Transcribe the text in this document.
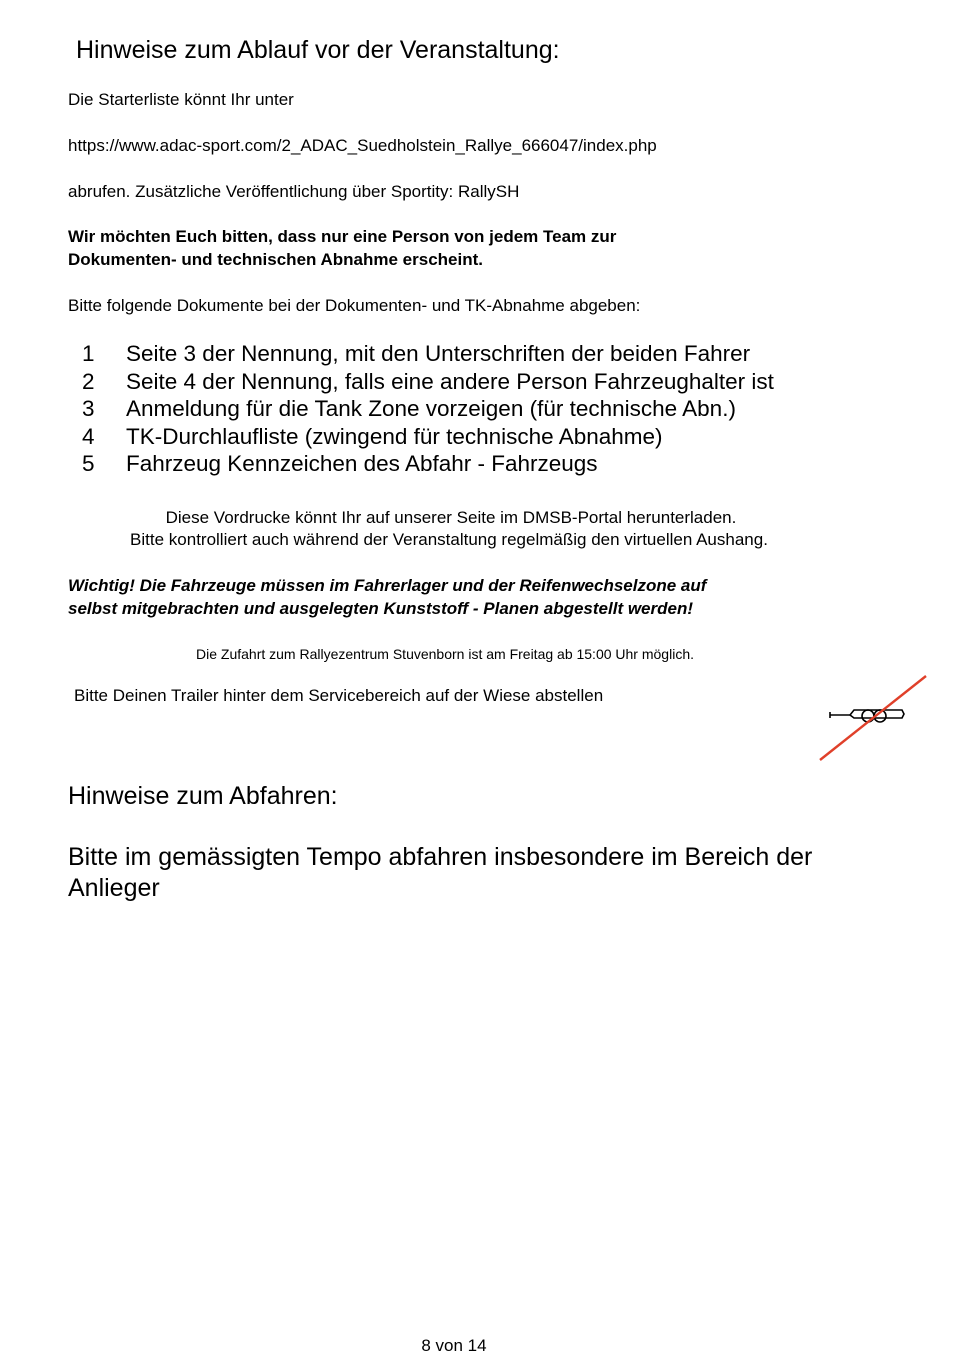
Hinweise zum Ablauf vor der Veranstaltung:
Die Starterliste könnt Ihr unter
https://www.adac-sport.com/2_ADAC_Suedholstein_Rallye_666047/index.php
abrufen. Zusätzliche Veröffentlichung über Sportity: RallySH
Wir möchten Euch bitten, dass nur eine Person von jedem Team zur
Dokumenten- und technischen Abnahme erscheint.
Bitte folgende Dokumente bei der Dokumenten- und TK-Abnahme abgeben:
1	Seite 3 der Nennung, mit den Unterschriften der beiden Fahrer
2	Seite 4 der Nennung, falls eine andere Person Fahrzeughalter ist
3	Anmeldung für die Tank Zone vorzeigen (für technische Abn.)
4	TK-Durchlaufliste (zwingend für technische Abnahme)
5	Fahrzeug Kennzeichen des Abfahr - Fahrzeugs
Diese Vordrucke könnt Ihr auf unserer Seite im DMSB-Portal herunterladen.
Bitte kontrolliert auch während der Veranstaltung regelmäßig den virtuellen Aushang.
Wichtig! Die Fahrzeuge müssen im Fahrerlager und der Reifenwechselzone auf
selbst mitgebrachten und ausgelegten Kunststoff - Planen abgestellt werden!
Die Zufahrt zum Rallyezentrum Stuvenborn ist am Freitag ab 15:00 Uhr möglich.
Bitte Deinen Trailer hinter dem Servicebereich auf der Wiese abstellen
Hinweise zum Abfahren:
Bitte im gemässigten Tempo abfahren insbesondere im Bereich der Anlieger
8 von 14
